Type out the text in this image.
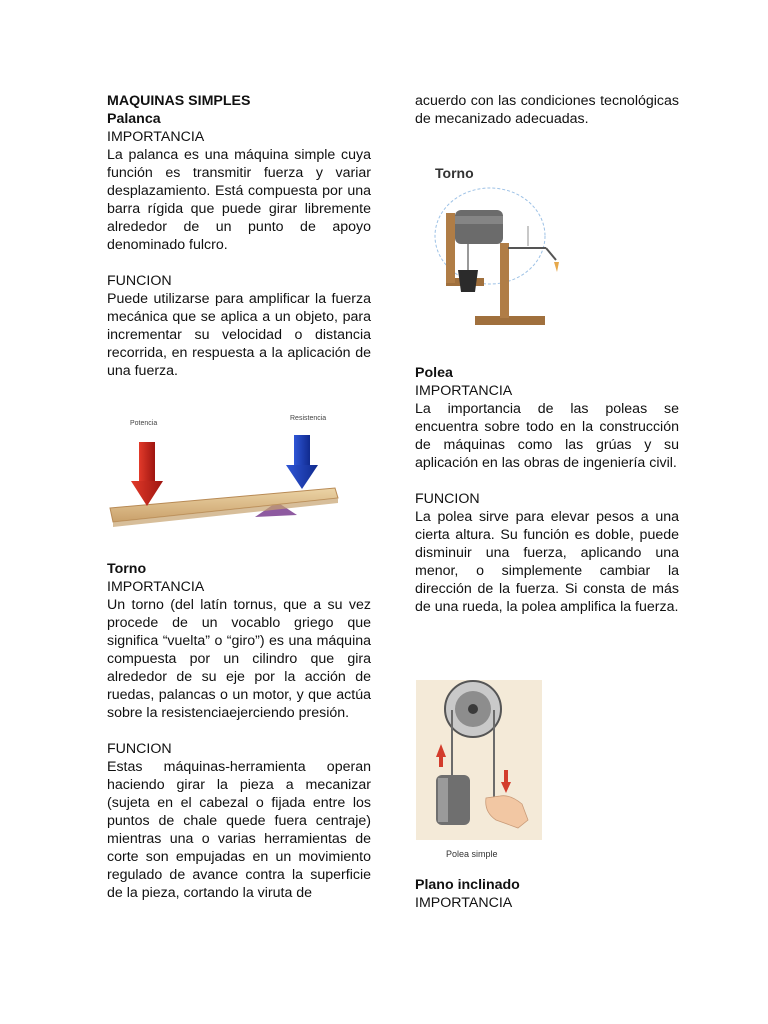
MAQUINAS SIMPLES

Palanca

IMPORTANCIA

La palanca es una máquina simple cuya función es transmitir fuerza y variar desplazamiento. Está compuesta por una barra rígida que puede girar libremente alrededor de un punto de apoyo denominado fulcro.

FUNCION

Puede utilizarse para amplificar la fuerza mecánica que se aplica a un objeto, para incrementar su velocidad o distancia recorrida, en respuesta a la aplicación de una fuerza.

Torno

IMPORTANCIA

Un torno (del latín tornus, que a su vez procede de un vocablo griego que significa “vuelta” o “giro”) es una máquina compuesta por un cilindro que gira alrededor de su eje por la acción de ruedas, palancas o un motor, y que actúa sobre la resistenciaejerciendo presión.

FUNCION

Estas máquinas-herramienta operan haciendo girar la pieza a mecanizar (sujeta en el cabezal o fijada entre los puntos de chale quede fuera centraje) mientras una o varias herramientas de corte son empujadas en un movimiento regulado de avance contra la superficie de la pieza, cortando la viruta de

Potencia
Resistencia

acuerdo con las condiciones tecnológicas de mecanizado adecuadas.

Torno

Polea

IMPORTANCIA

La importancia de las poleas se encuentra sobre todo en la construcción de máquinas como las grúas y su aplicación en las obras de ingeniería civil.

FUNCION

La polea sirve para elevar pesos a una cierta altura. Su función es doble, puede disminuir una fuerza, aplicando una menor, o simplemente cambiar la dirección de la fuerza. Si consta de más de una rueda, la polea amplifica la fuerza.

Polea simple

Plano inclinado

IMPORTANCIA
